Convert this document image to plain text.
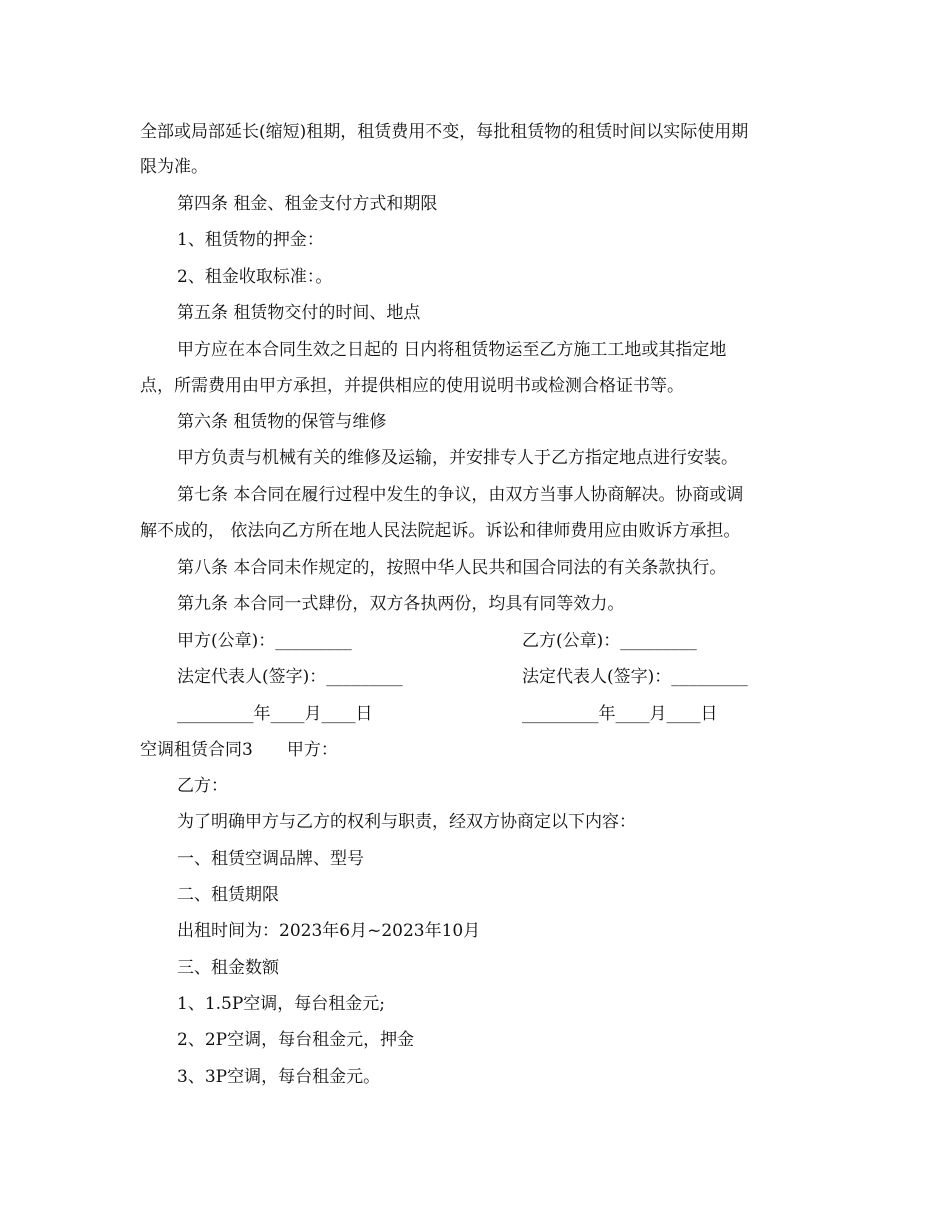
全部或局部延长(缩短)租期，租赁费用不变，每批租赁物的租赁时间以实际使用期
限为准。
第四条 租金、租金支付方式和期限
1、租赁物的押金：
2、租金收取标准：。
第五条 租赁物交付的时间、地点
甲方应在本合同生效之日起的 日内将租赁物运至乙方施工工地或其指定地
点，所需费用由甲方承担，并提供相应的使用说明书或检测合格证书等。
第六条 租赁物的保管与维修
甲方负责与机械有关的维修及运输，并安排专人于乙方指定地点进行安装。
第七条 本合同在履行过程中发生的争议，由双方当事人协商解决。协商或调
解不成的， 依法向乙方所在地人民法院起诉。诉讼和律师费用应由败诉方承担。
第八条 本合同未作规定的，按照中华人民共和国合同法的有关条款执行。
第九条 本合同一式肆份，双方各执两份，均具有同等效力。
甲方(公章)：_________	乙方(公章)：_________
法定代表人(签字)：_________	法定代表人(签字)：_________
_________年____月____日	_________年____月____日
空调租赁合同3　　甲方：
乙方：
为了明确甲方与乙方的权利与职责，经双方协商定以下内容：
一、租赁空调品牌、型号
二、租赁期限
出租时间为：2023年6月~2023年10月
三、租金数额
1、1.5P空调，每台租金元;
2、2P空调，每台租金元，押金
3、3P空调，每台租金元。
